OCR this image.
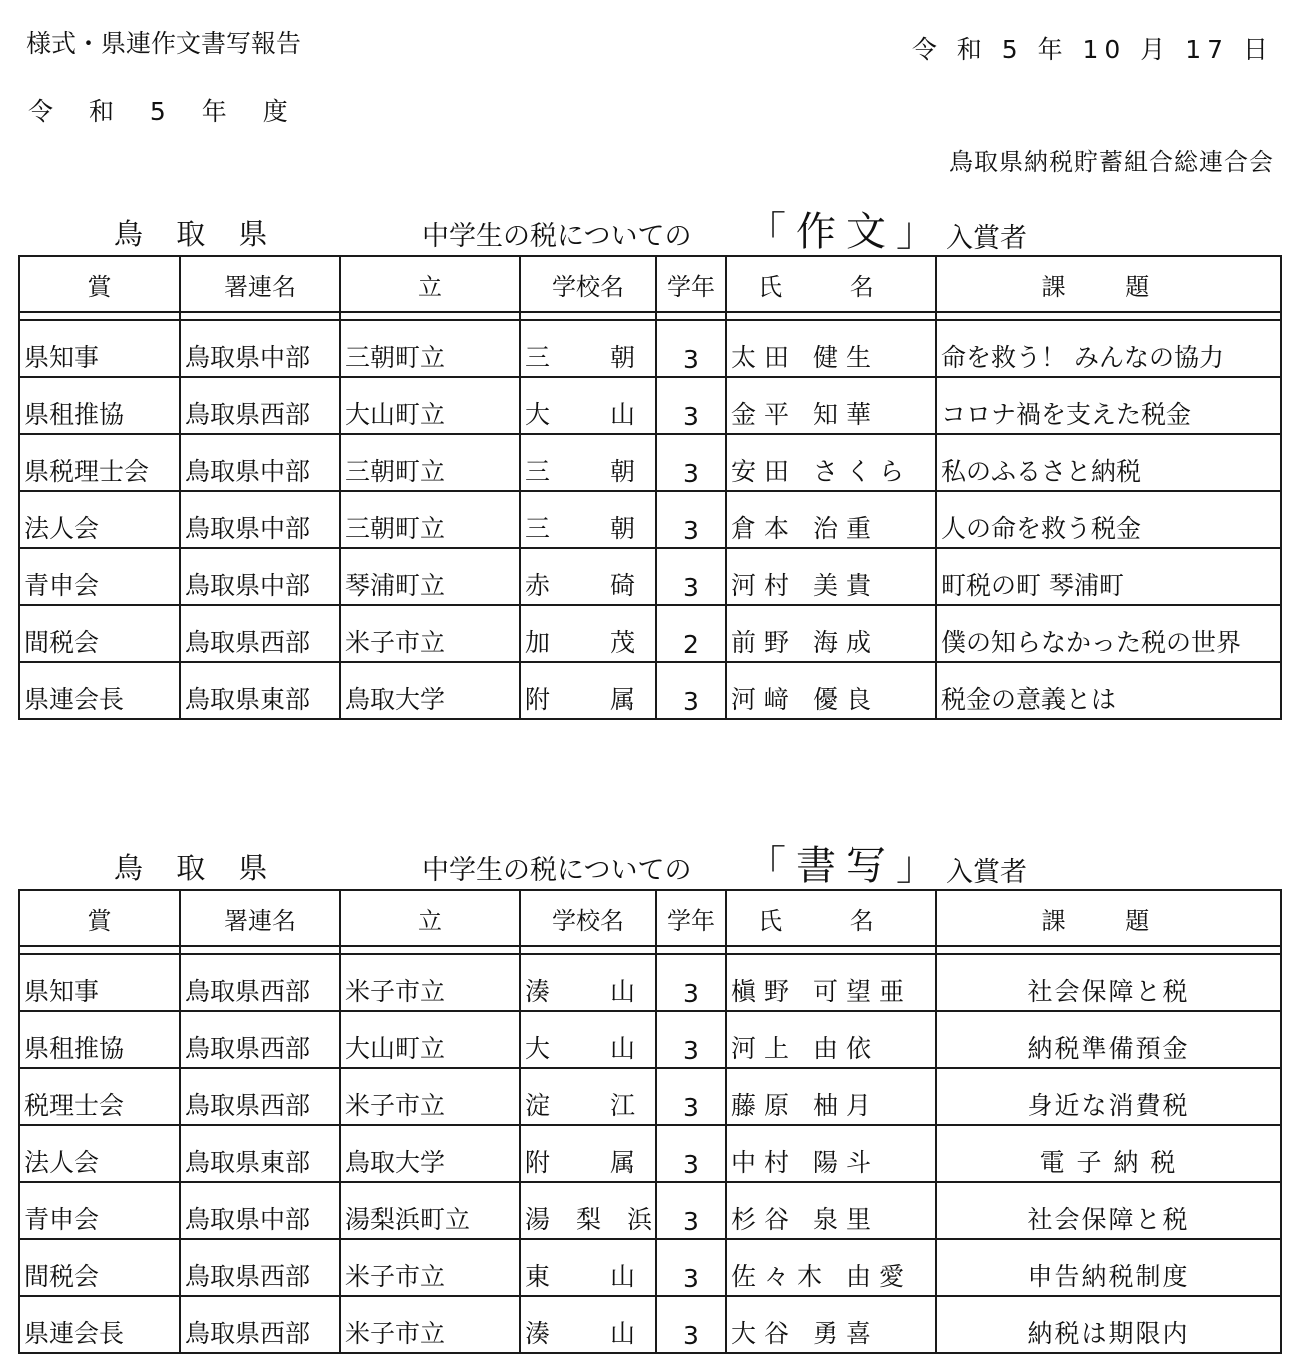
様式・県連作文書写報告	令 和 5 年 10 月 17 日
令 和 5 年 度
鳥取県納税貯蓄組合総連合会
鳥 取 県	中学生の税についての 「作文」 入賞者
賞	署連名	立	学校名	学年	氏 名	課 題

県知事	鳥取県中部	三朝町立	三 朝	3	太田 健生	命を救う！ みんなの協力
県租推協	鳥取県西部	大山町立	大 山	3	金平 知華	コロナ禍を支えた税金
県税理士会	鳥取県中部	三朝町立	三 朝	3	安田 さくら	私のふるさと納税
法人会	鳥取県中部	三朝町立	三 朝	3	倉本 治重	人の命を救う税金
青申会	鳥取県中部	琴浦町立	赤 碕	3	河村 美貴	町税の町 琴浦町
間税会	鳥取県西部	米子市立	加 茂	2	前野 海成	僕の知らなかった税の世界
県連会長	鳥取県東部	鳥取大学	附 属	3	河﨑 優良	税金の意義とは
鳥 取 県	中学生の税についての 「書写」 入賞者
賞	署連名	立	学校名	学年	氏 名	課 題

県知事	鳥取県西部	米子市立	湊 山	3	槇野 可望亜	社会保障と税
県租推協	鳥取県西部	大山町立	大 山	3	河上 由依	納税準備預金
税理士会	鳥取県西部	米子市立	淀 江	3	藤原 柚月	身近な消費税
法人会	鳥取県東部	鳥取大学	附 属	3	中村 陽斗	電 子 納 税
青申会	鳥取県中部	湯梨浜町立	湯梨浜	3	杉谷 泉里	社会保障と税
間税会	鳥取県西部	米子市立	東 山	3	佐々木 由愛	申告納税制度
県連会長	鳥取県西部	米子市立	湊 山	3	大谷 勇喜	納税は期限内
